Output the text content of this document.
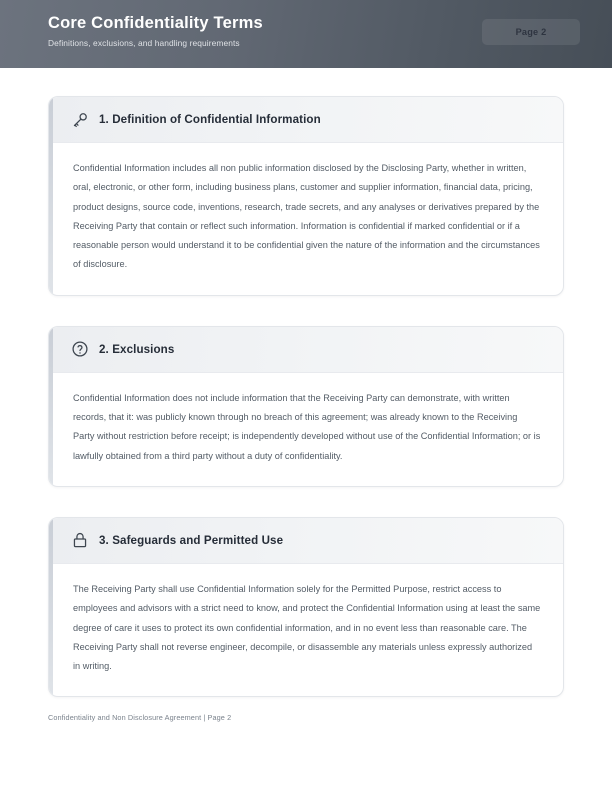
Core Confidentiality Terms
Definitions, exclusions, and handling requirements
Page 2
1. Definition of Confidential Information
Confidential Information includes all non public information disclosed by the Disclosing Party, whether in written, oral, electronic, or other form, including business plans, customer and supplier information, financial data, pricing, product designs, source code, inventions, research, trade secrets, and any analyses or derivatives prepared by the Receiving Party that contain or reflect such information. Information is confidential if marked confidential or if a reasonable person would understand it to be confidential given the nature of the information and the circumstances of disclosure.
2. Exclusions
Confidential Information does not include information that the Receiving Party can demonstrate, with written records, that it: was publicly known through no breach of this agreement; was already known to the Receiving Party without restriction before receipt; is independently developed without use of the Confidential Information; or is lawfully obtained from a third party without a duty of confidentiality.
3. Safeguards and Permitted Use
The Receiving Party shall use Confidential Information solely for the Permitted Purpose, restrict access to employees and advisors with a strict need to know, and protect the Confidential Information using at least the same degree of care it uses to protect its own confidential information, and in no event less than reasonable care. The Receiving Party shall not reverse engineer, decompile, or disassemble any materials unless expressly authorized in writing.
Confidentiality and Non Disclosure Agreement | Page 2
